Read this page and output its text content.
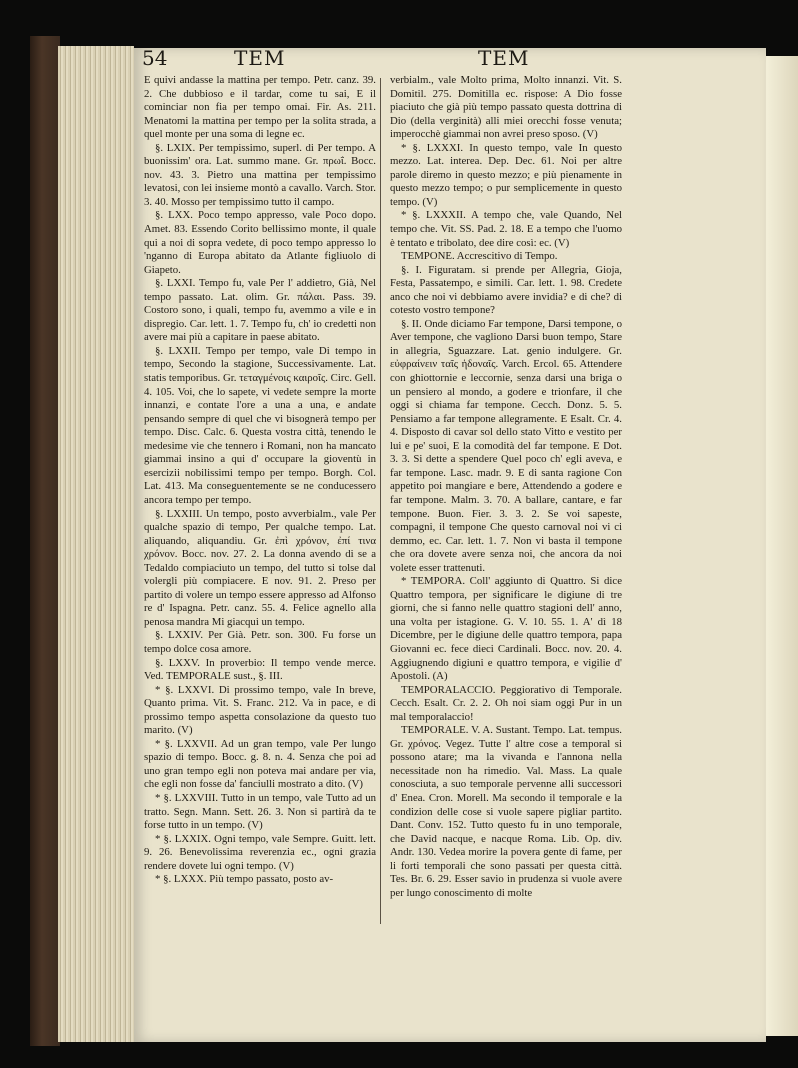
54	TEM	TEM

E quivi andasse la mattina per tempo. Petr. canz. 39. 2. Che dubbioso e il tardar, come tu sai, E il cominciar non fia per tempo omai. Fir. As. 211. Menatomi la mattina per tempo per la solita strada, a quel monte per una soma di legne ec.

§. LXIX. Per tempissimo, superl. di Per tempo. A buonissim' ora. Lat. summo mane. Gr. πρωΐ. Bocc. nov. 43. 3. Pietro una mattina per tempissimo levatosi, con lei insieme montò a cavallo. Varch. Stor. 3. 40. Mosso per tempissimo tutto il campo.

§. LXX. Poco tempo appresso, vale Poco dopo. Amet. 83. Essendo Corito bellissimo monte, il quale qui a noi di sopra vedete, di poco tempo appresso lo 'nganno di Europa abitato da Atlante figliuolo di Giapeto.

§. LXXI. Tempo fu, vale Per l' addietro, Già, Nel tempo passato. Lat. olim. Gr. πάλαι. Pass. 39. Costoro sono, i quali, tempo fu, avemmo a vile e in dispregio. Car. lett. 1. 7. Tempo fu, ch' io credetti non avere mai più a capitare in paese abitato.

§. LXXII. Tempo per tempo, vale Di tempo in tempo, Secondo la stagione, Successivamente. Lat. statis temporibus. Gr. τεταγμένοις καιροῖς. Circ. Gell. 4. 105. Voi, che lo sapete, vi vedete sempre la morte innanzi, e contate l'ore a una a una, e andate pensando sempre di quel che vi bisognerà tempo per tempo. Disc. Calc. 6. Questa vostra città, tenendo le medesime vie che tennero i Romani, non ha mancato giammai insino a qui d' occupare la gioventù in esercizii nobilissimi tempo per tempo. Borgh. Col. Lat. 413. Ma conseguentemente se ne conducessero ancora tempo per tempo.

§. LXXIII. Un tempo, posto avverbialm., vale Per qualche spazio di tempo, Per qualche tempo. Lat. aliquando, aliquandiu. Gr. ἐπὶ χρόνον, ἐπί τινα χρόνον. Bocc. nov. 27. 2. La donna avendo di se a Tedaldo compiaciuto un tempo, del tutto si tolse dal volergli più compiacere. E nov. 91. 2. Preso per partito di volere un tempo essere appresso ad Alfonso re d' Ispagna. Petr. canz. 55. 4. Felice agnello alla penosa mandra Mi giacqui un tempo.

§. LXXIV. Per Già. Petr. son. 300. Fu forse un tempo dolce cosa amore.

§. LXXV. In proverbio: Il tempo vende merce. Ved. TEMPORALE sust., §. III.

* §. LXXVI. Di prossimo tempo, vale In breve, Quanto prima. Vit. S. Franc. 212. Va in pace, e di prossimo tempo aspetta consolazione da questo tuo marito. (V)

* §. LXXVII. Ad un gran tempo, vale Per lungo spazio di tempo. Bocc. g. 8. n. 4. Senza che poi ad uno gran tempo egli non poteva mai andare per via, che egli non fosse da' fanciulli mostrato a dito. (V)

* §. LXXVIII. Tutto in un tempo, vale Tutto ad un tratto. Segn. Mann. Sett. 26. 3. Non si partirà da te forse tutto in un tempo. (V)

* §. LXXIX. Ogni tempo, vale Sempre. Guitt. lett. 9. 26. Benevolissima reverenzia ec., ogni grazia rendere dovete lui ogni tempo. (V)

* §. LXXX. Più tempo passato, posto av-

verbialm., vale Molto prima, Molto innanzi. Vit. S. Domitil. 275. Domitilla ec. rispose: A Dio fosse piaciuto che già più tempo passato questa dottrina di Dio (della verginità) alli miei orecchi fosse venuta; imperocchè giammai non avrei preso sposo. (V)

* §. LXXXI. In questo tempo, vale In questo mezzo. Lat. interea. Dep. Dec. 61. Noi per altre parole diremo in questo mezzo; e più pienamente in questo mezzo tempo; o pur semplicemente in questo tempo. (V)

* §. LXXXII. A tempo che, vale Quando, Nel tempo che. Vit. SS. Pad. 2. 18. E a tempo che l'uomo è tentato e tribolato, dee dire così: ec. (V)

TEMPONE. Accrescitivo di Tempo.

§. I. Figuratam. si prende per Allegria, Gioja, Festa, Passatempo, e simili. Car. lett. 1. 98. Credete anco che noi vi debbiamo avere invidia? e di che? di cotesto vostro tempone?

§. II. Onde diciamo Far tempone, Darsi tempone, o Aver tempone, che vagliono Darsi buon tempo, Stare in allegria, Sguazzare. Lat. genio indulgere. Gr. εὐφραίνειν ταῖς ἡδοναῖς. Varch. Ercol. 65. Attendere con ghiottornie e leccornie, senza darsi una briga o un pensiero al mondo, a godere e trionfare, il che oggi si chiama far tempone. Cecch. Donz. 5. 5. Pensiamo a far tempone allegramente. E Esalt. Cr. 4. 4. Disposto di cavar sol dello stato Vitto e vestito per lui e pe' suoi, E la comodità del far tempone. E Dot. 3. 3. Si dette a spendere Quel poco ch' egli aveva, e far tempone. Lasc. madr. 9. E di santa ragione Con appetito poi mangiare e bere, Attendendo a godere e far tempone. Malm. 3. 70. A ballare, cantare, e far tempone. Buon. Fier. 3. 3. 2. Se voi sapeste, compagni, il tempone Che questo carnoval noi vi ci demmo, ec. Car. lett. 1. 7. Non vi basta il tempone che ora dovete avere senza noi, che ancora da noi volete esser trattenuti.

* TEMPORA. Coll' aggiunto di Quattro. Si dice Quattro tempora, per significare le digiune di tre giorni, che si fanno nelle quattro stagioni dell' anno, una volta per istagione. G. V. 10. 55. 1. A' dì 18 Dicembre, per le digiune delle quattro tempora, papa Giovanni ec. fece dieci Cardinali. Bocc. nov. 20. 4. Aggiugnendo digiuni e quattro tempora, e vigilie d' Apostoli. (A)

TEMPORALACCIO. Peggiorativo di Temporale. Cecch. Esalt. Cr. 2. 2. Oh noi siam oggi Pur in un mal temporalaccio!

TEMPORALE. V. A. Sustant. Tempo. Lat. tempus. Gr. χρόνος. Vegez. Tutte l' altre cose a temporal si possono atare; ma la vivanda e l'annona nella necessitade non ha rimedio. Val. Mass. La quale conosciuta, a suo temporale pervenne alli successori d' Enea. Cron. Morell. Ma secondo il temporale e la condizion delle cose si vuole sapere pigliar partito. Dant. Conv. 152. Tutto questo fu in uno temporale, che David nacque, e nacque Roma. Lib. Op. div. Andr. 130. Vedea morire la povera gente di fame, per li forti temporali che sono passati per questa città. Tes. Br. 6. 29. Esser savio in prudenza si vuole avere per lungo conoscimento di molte
